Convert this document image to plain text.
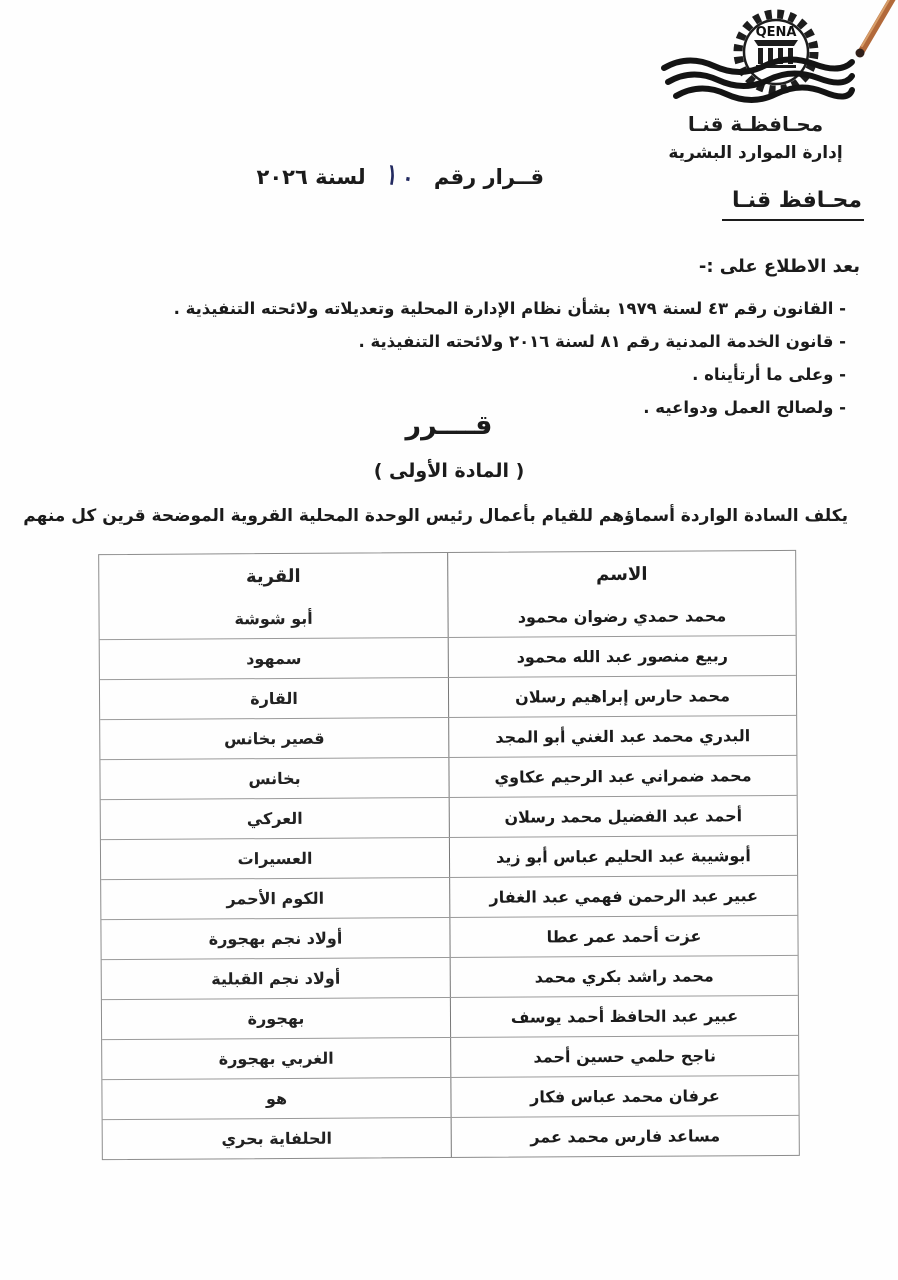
QENA
محـافظـة قنـا
إدارة الموارد البشرية
قــرار رقم
١٠
لسنة ٢٠٢٦
محـافظ قنـا
بعد الاطلاع على :-
- القانون رقم ٤٣ لسنة ١٩٧٩ بشأن نظام الإدارة المحلية وتعديلاته ولائحته التنفيذية .
- قانون الخدمة المدنية رقم ٨١ لسنة ٢٠١٦ ولائحته التنفيذية .
- وعلى ما أرتأيناه .
- ولصالح العمل ودواعيه .
قــــرر
( المادة الأولى )
يكلف السادة الواردة أسماؤهم للقيام بأعمال رئيس الوحدة المحلية القروية الموضحة قرين كل منهم
الاسم
القرية
محمد حمدي رضوان محمود
أبو شوشة
ربيع منصور عبد الله محمود
سمهود
محمد حارس إبراهيم رسلان
القارة
البدري محمد عبد الغني أبو المجد
قصير بخانس
محمد ضمراني عبد الرحيم عكاوي
بخانس
أحمد عبد الفضيل محمد رسلان
العركي
أبوشيبة عبد الحليم عباس أبو زيد
العسيرات
عبير عبد الرحمن فهمي عبد الغفار
الكوم الأحمر
عزت أحمد عمر عطا
أولاد نجم بهجورة
محمد راشد بكري محمد
أولاد نجم القبلية
عبير عبد الحافظ أحمد يوسف
بهجورة
ناجح حلمي حسين أحمد
الغربي بهجورة
عرفان محمد عباس فكار
هو
مساعد فارس محمد عمر
الحلفاية بحري
